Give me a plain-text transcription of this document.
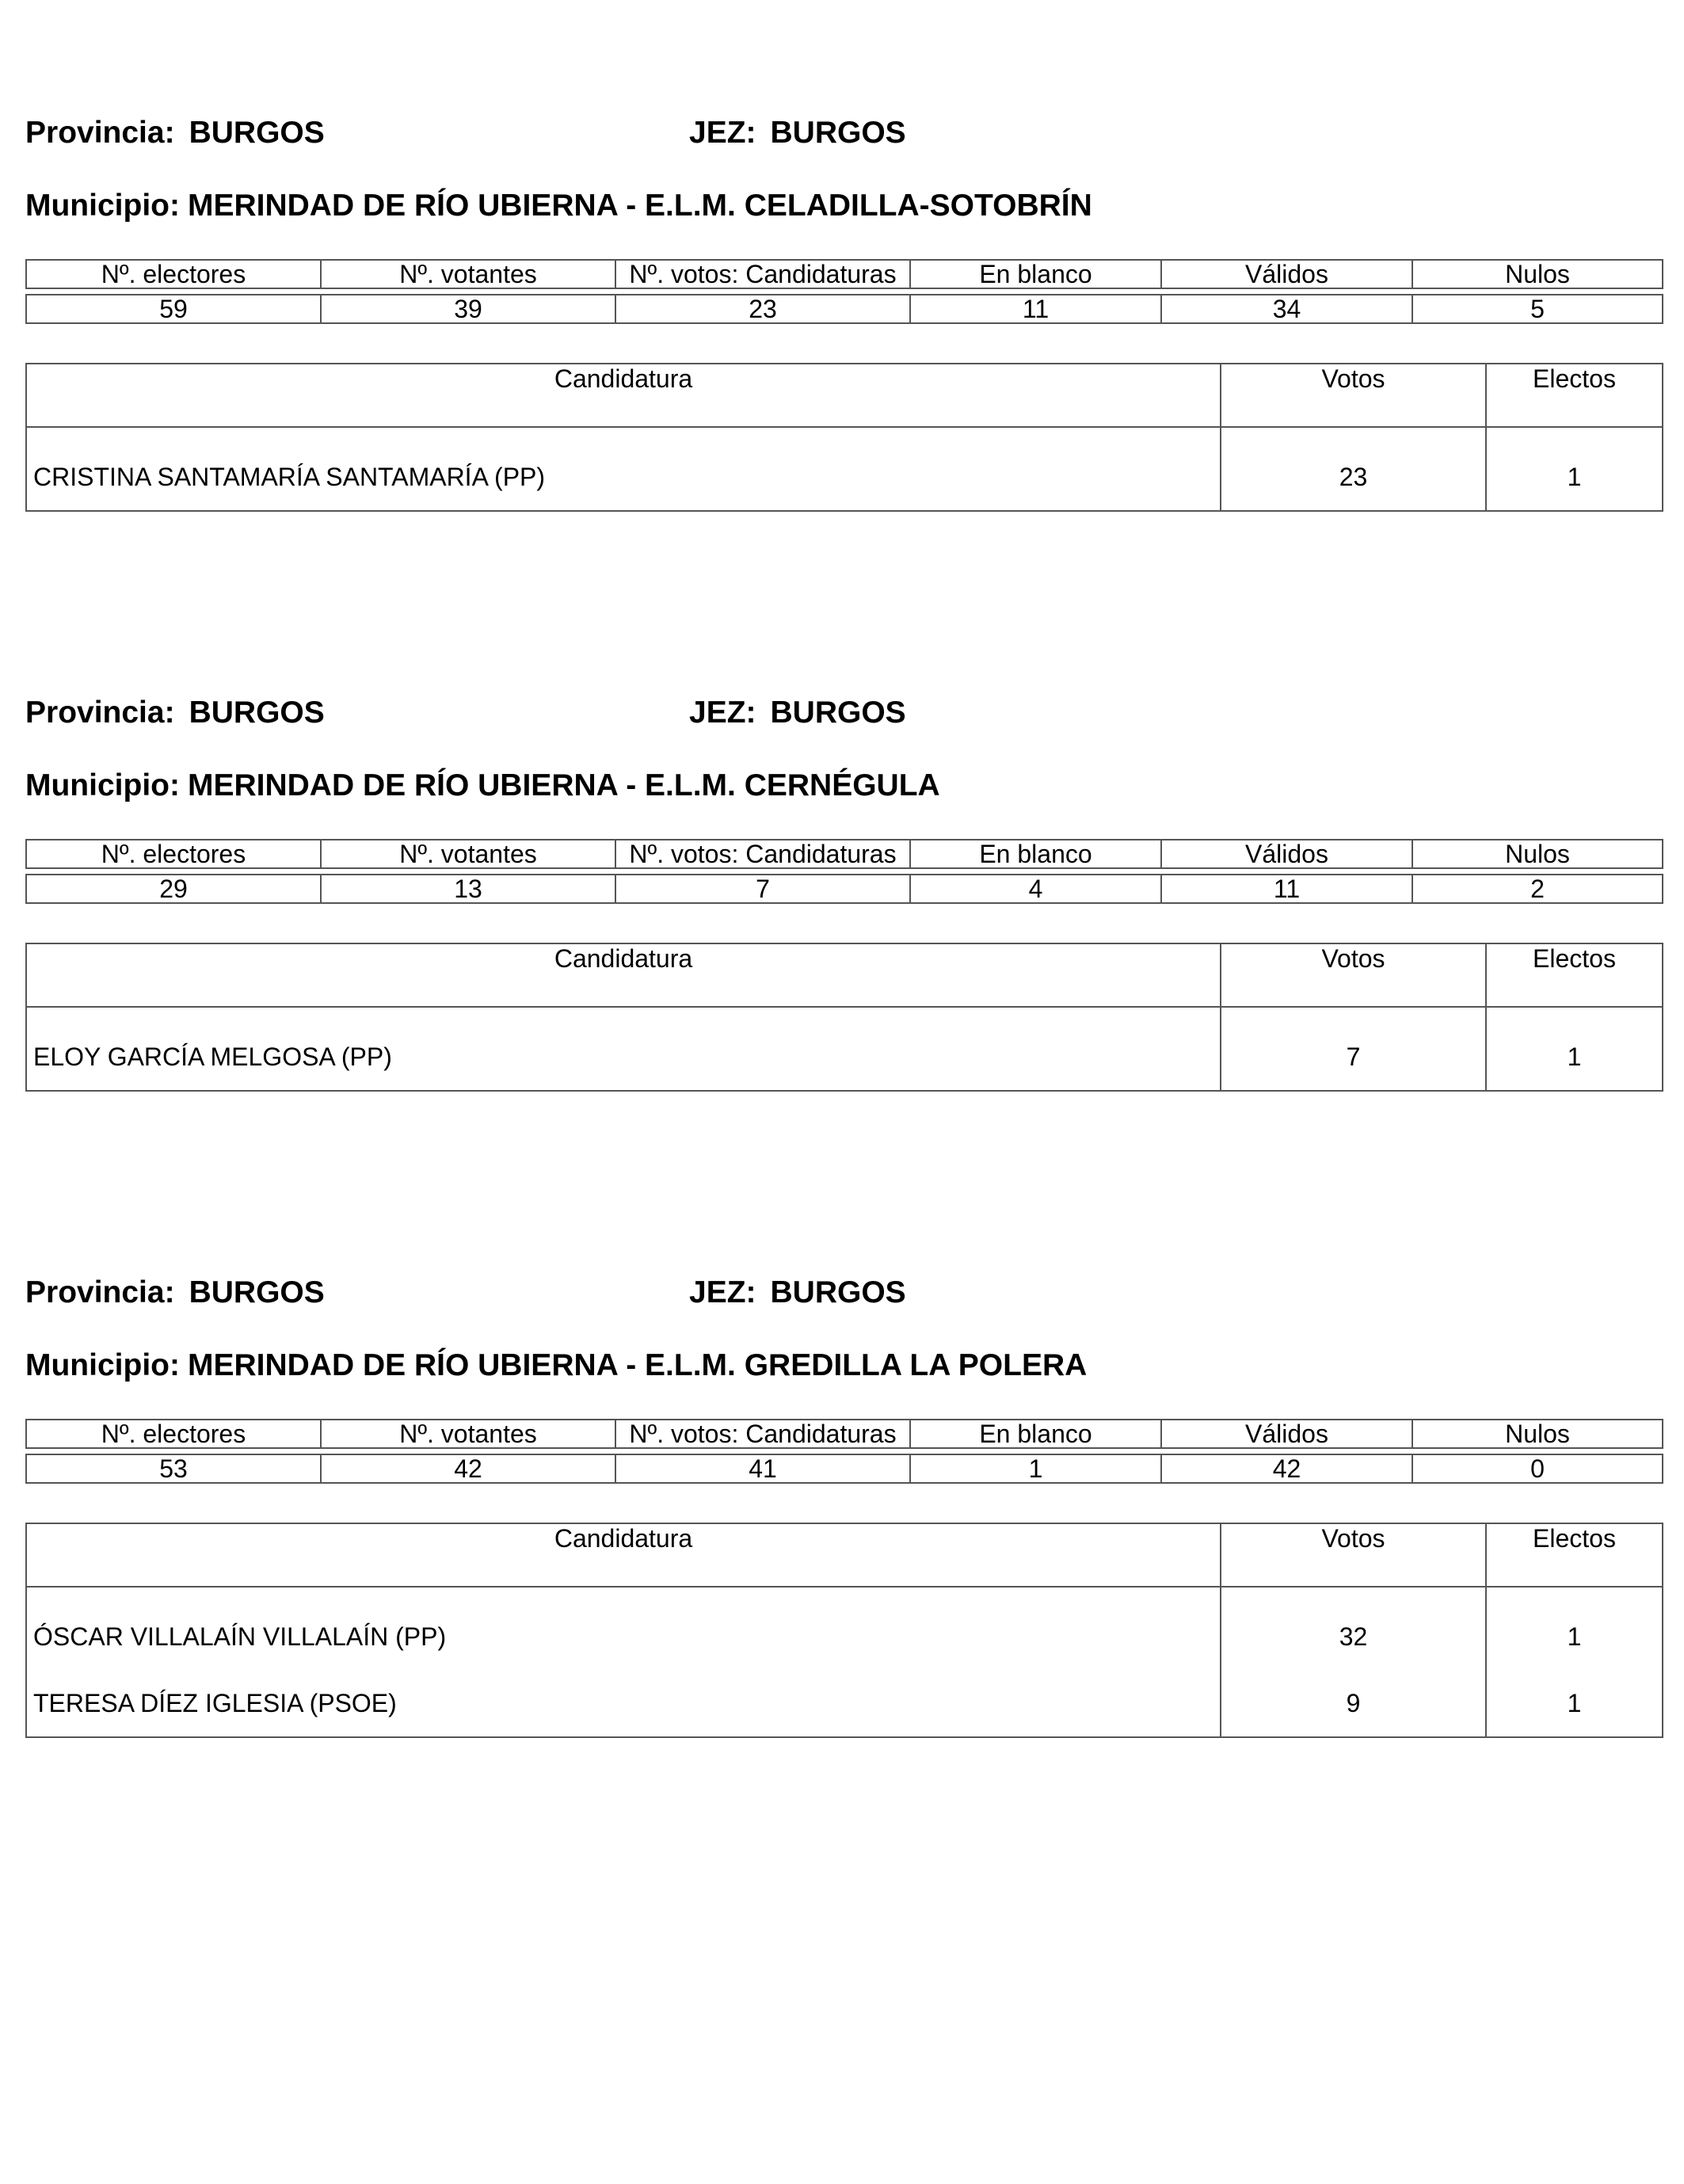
Provincia: BURGOS	JEZ: BURGOS
Municipio: MERINDAD DE RÍO UBIERNA - E.L.M. CELADILLA-SOTOBRÍN
Nº. electores	Nº. votantes	Nº. votos: Candidaturas	En blanco	Válidos	Nulos

59	39	23	11	34	5
Candidatura	Votos	Electos
CRISTINA SANTAMARÍA SANTAMARÍA (PP)	23	1
Provincia: BURGOS	JEZ: BURGOS
Municipio: MERINDAD DE RÍO UBIERNA - E.L.M. CERNÉGULA
Nº. electores	Nº. votantes	Nº. votos: Candidaturas	En blanco	Válidos	Nulos

29	13	7	4	11	2
Candidatura	Votos	Electos
ELOY GARCÍA MELGOSA (PP)	7	1
Provincia: BURGOS	JEZ: BURGOS
Municipio: MERINDAD DE RÍO UBIERNA - E.L.M. GREDILLA LA POLERA
Nº. electores	Nº. votantes	Nº. votos: Candidaturas	En blanco	Válidos	Nulos

53	42	41	1	42	0
Candidatura	Votos	Electos
ÓSCAR VILLALAÍN VILLALAÍN (PP)	32	1
TERESA DÍEZ IGLESIA (PSOE)	9	1
